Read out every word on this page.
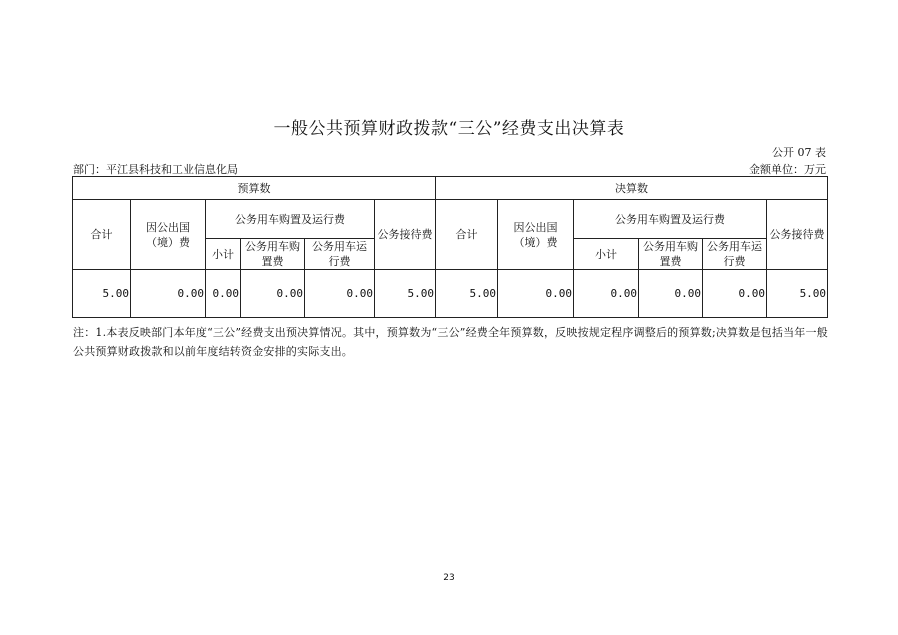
一般公共预算财政拨款“三公”经费支出决算表
公开 07 表
部门：平江县科技和工业信息化局	金额单位：万元
预算数						决算数					
合计	因公出国（境）费	公务用车购置及运行费			公务接待费	合计	因公出国（境）费	公务用车购置及运行费			公务接待费
		小计	公务用车购置费	公务用车运行费				小计	公务用车购置费	公务用车运行费	
5.00	0.00	0.00	0.00	0.00	5.00	5.00	0.00	0.00	0.00	0.00	5.00
注：1.本表反映部门本年度“三公”经费支出预决算情况。其中，预算数为“三公”经费全年预算数，反映按规定程序调整后的预算数;决算数是包括当年一般公共预算财政拨款和以前年度结转资金安排的实际支出。
23
